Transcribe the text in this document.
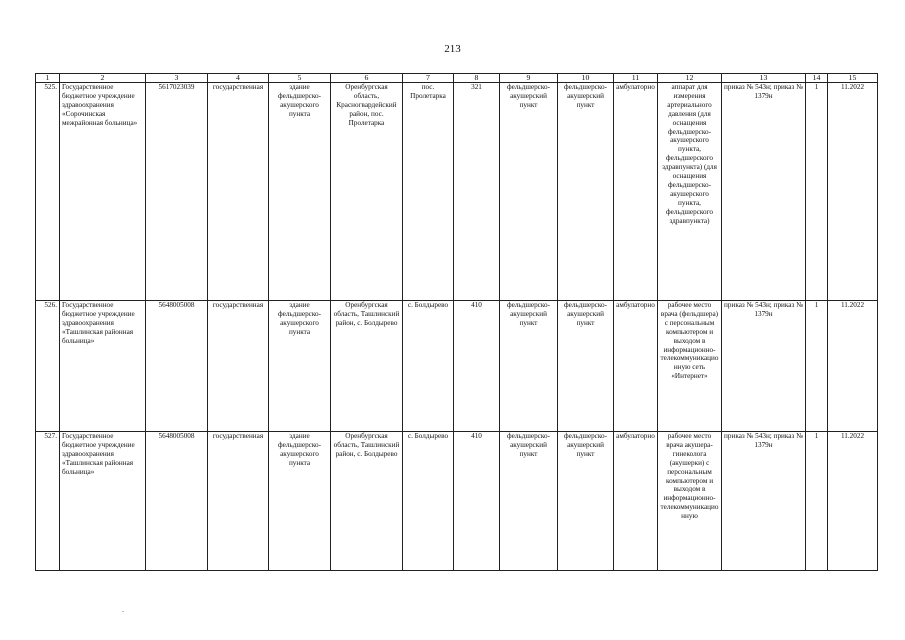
213
1	2	3	4	5	6	7	8	9	10	11	12	13	14	15
525.	Государственное бюджетное учреждение здравоохранения «Сорочинская межрайонная больница»	5617023039	государственная	здание фельдшерско-акушерского пункта	Оренбургская область, Красногвардейский район, пос. Пролетарка	пос. Пролетарка	321	фельдшерско-акушерский пункт	фельдшерско-акушерский пункт	амбулаторно	аппарат для измерения артериального давления (для оснащения фельдшерско-акушерского пункта, фельдшерского здравпункта) (для оснащения фельдшерско-акушерского пункта, фельдшерского здравпункта)	приказ № 543н; приказ № 1379н	1	11.2022
526.	Государственное бюджетное учреждение здравоохранения «Ташлинская районная больница»	5648005008	государственная	здание фельдшерско-акушерского пункта	Оренбургская область, Ташлинский район, с. Болдырево	с. Болдырево	410	фельдшерско-акушерский пункт	фельдшерско-акушерский пункт	амбулаторно	рабочее место врача (фельдшера) с персональным компьютером и выходом в информационно-телекоммуникационную сеть «Интернет»	приказ № 543н; приказ № 1379н	1	11.2022
527.	Государственное бюджетное учреждение здравоохранения «Ташлинская районная больница»	5648005008	государственная	здание фельдшерско-акушерского пункта	Оренбургская область, Ташлинский район, с. Болдырево	с. Болдырево	410	фельдшерско-акушерский пункт	фельдшерско-акушерский пункт	амбулаторно	рабочее место врача акушера-гинеколога (акушерки) с персональным компьютером и выходом в информационно-телекоммуникационную	приказ № 543н; приказ № 1379н	1	11.2022
